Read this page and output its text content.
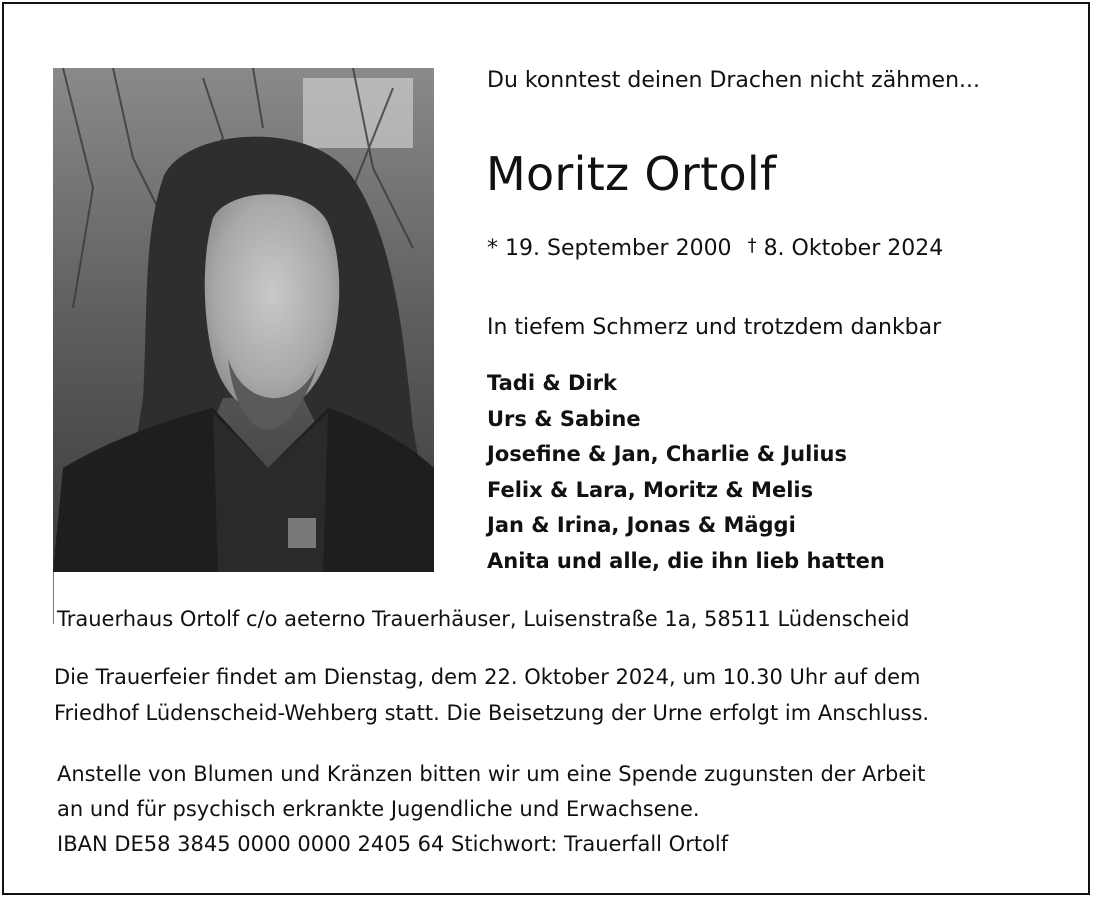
Du konntest deinen Drachen nicht zähmen...
Moritz Ortolf
* 19. September 2000 † 8. Oktober 2024
In tiefem Schmerz und trotzdem dankbar
Tadi & Dirk
Urs & Sabine
Josefine & Jan, Charlie & Julius
Felix & Lara, Moritz & Melis
Jan & Irina, Jonas & Mäggi
Anita und alle, die ihn lieb hatten
Trauerhaus Ortolf c/o aeterno Trauerhäuser, Luisenstraße 1a, 58511 Lüdenscheid
Die Trauerfeier findet am Dienstag, dem 22. Oktober 2024, um 10.30 Uhr auf dem
Friedhof Lüdenscheid-Wehberg statt. Die Beisetzung der Urne erfolgt im Anschluss.
Anstelle von Blumen und Kränzen bitten wir um eine Spende zugunsten der Arbeit
an und für psychisch erkrankte Jugendliche und Erwachsene.
IBAN DE58 3845 0000 0000 2405 64 Stichwort: Trauerfall Ortolf
